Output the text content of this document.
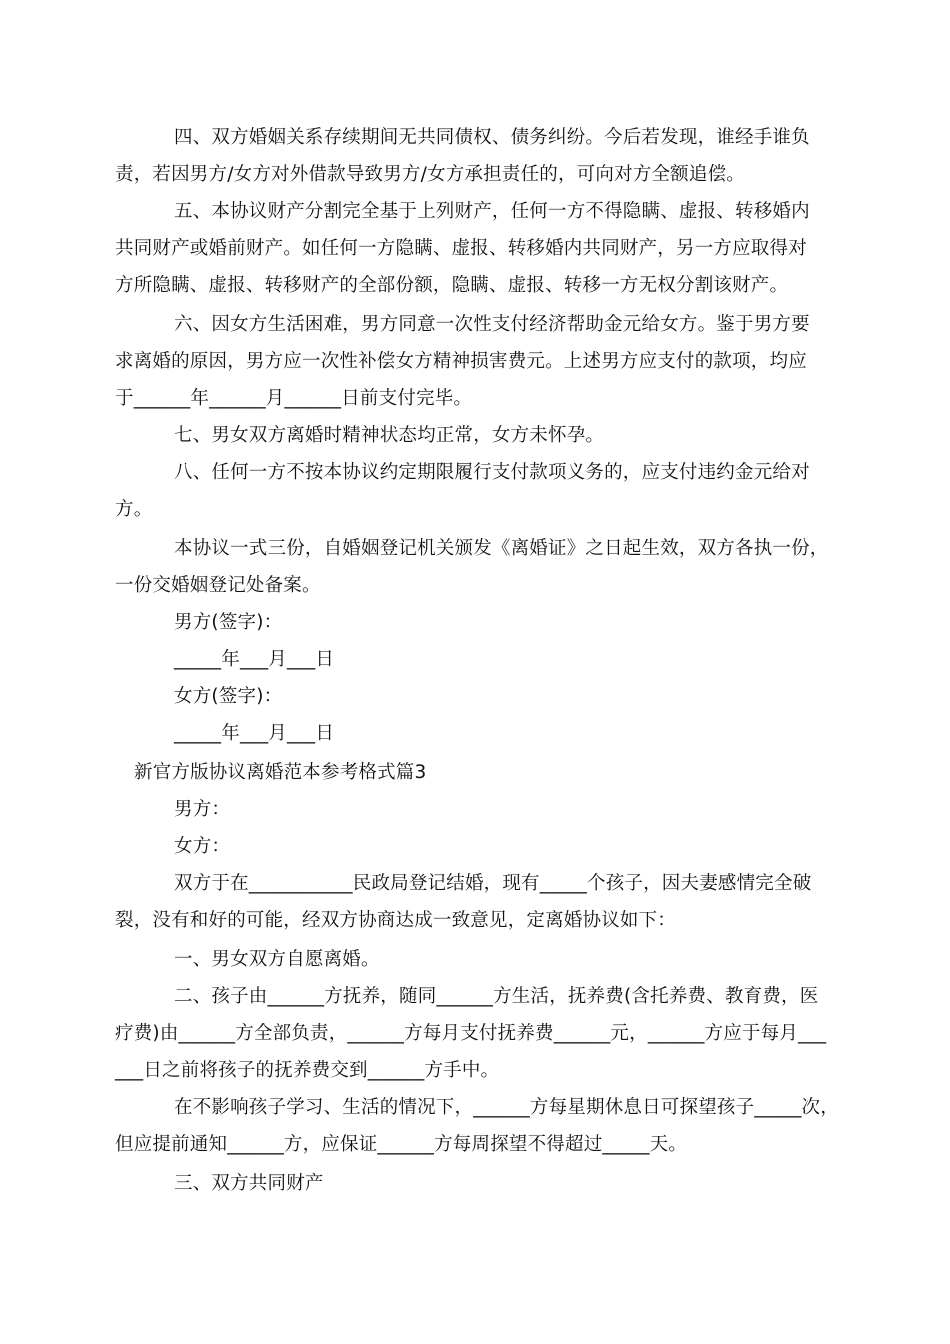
四、双方婚姻关系存续期间无共同债权、债务纠纷。今后若发现，谁经手谁负

责，若因男方/女方对外借款导致男方/女方承担责任的，可向对方全额追偿。

五、本协议财产分割完全基于上列财产，任何一方不得隐瞒、虚报、转移婚内

共同财产或婚前财产。如任何一方隐瞒、虚报、转移婚内共同财产，另一方应取得对

方所隐瞒、虚报、转移财产的全部份额，隐瞒、虚报、转移一方无权分割该财产。

六、因女方生活困难，男方同意一次性支付经济帮助金元给女方。鉴于男方要

求离婚的原因，男方应一次性补偿女方精神损害费元。上述男方应支付的款项，均应

于______年______月______日前支付完毕。

七、男女双方离婚时精神状态均正常，女方未怀孕。

八、任何一方不按本协议约定期限履行支付款项义务的，应支付违约金元给对

方。

本协议一式三份，自婚姻登记机关颁发《离婚证》之日起生效，双方各执一份，

一份交婚姻登记处备案。

男方(签字)：

_____年___月___日

女方(签字)：

_____年___月___日

新官方版协议离婚范本参考格式篇3

男方：

女方：

双方于在___________民政局登记结婚，现有_____个孩子，因夫妻感情完全破

裂，没有和好的可能，经双方协商达成一致意见，定离婚协议如下：

一、男女双方自愿离婚。

二、孩子由______方抚养，随同______方生活，抚养费(含托养费、教育费，医

疗费)由______方全部负责，______方每月支付抚养费______元，______方应于每月___

___日之前将孩子的抚养费交到______方手中。

在不影响孩子学习、生活的情况下，______方每星期休息日可探望孩子_____次，

但应提前通知______方，应保证______方每周探望不得超过_____天。

三、双方共同财产
